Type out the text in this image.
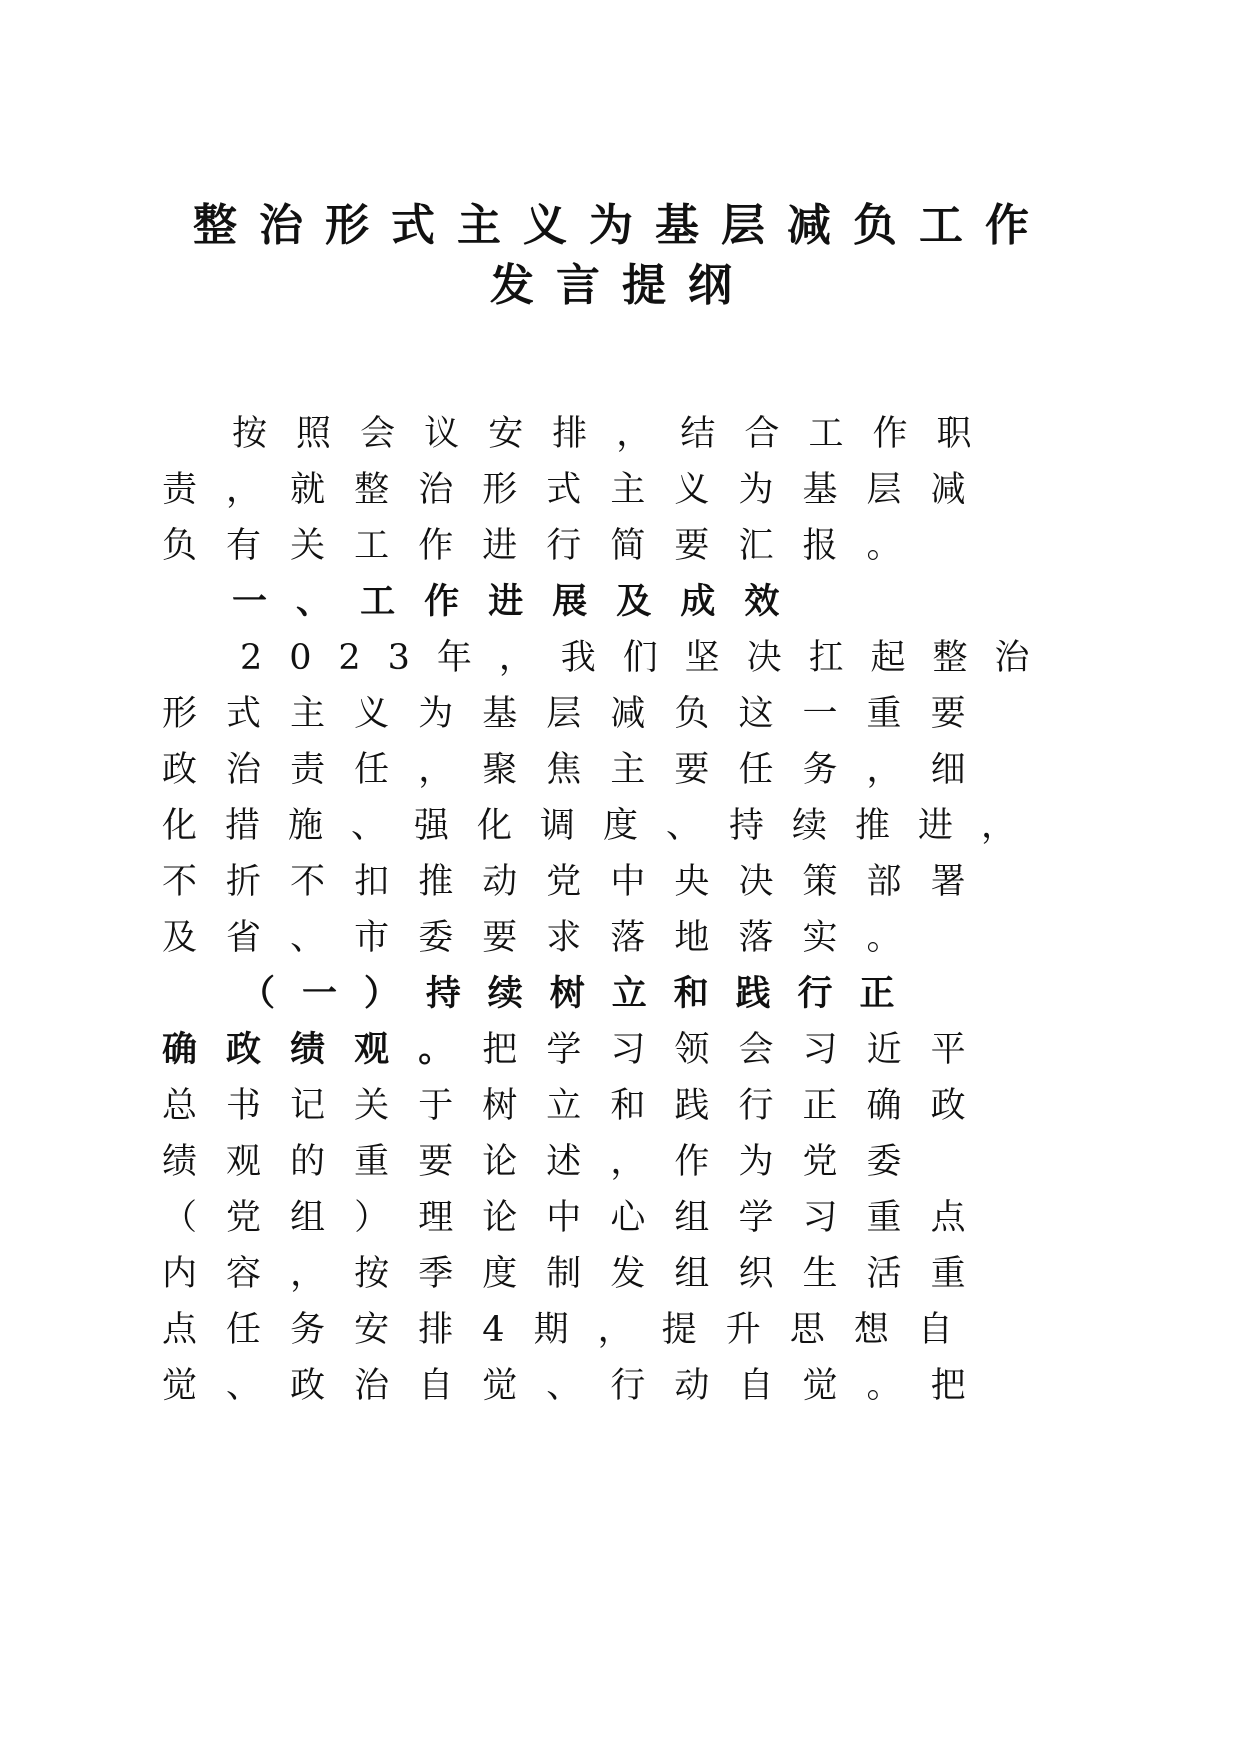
整治形式主义为基层减负工作
发言提纲
按照会议安排，结合工作职
责，就整治形式主义为基层减
负有关工作进行简要汇报。
一、工作进展及成效
2023年，我们坚决扛起整治
形式主义为基层减负这一重要
政治责任，聚焦主要任务，细
化措施、强化调度、持续推进，
不折不扣推动党中央决策部署
及省、市委要求落地落实。
（一）持续树立和践行正
确政绩观。把学习领会习近平
总书记关于树立和践行正确政
绩观的重要论述，作为党委
（党组）理论中心组学习重点
内容，按季度制发组织生活重
点任务安排4期，提升思想自
觉、政治自觉、行动自觉。把
